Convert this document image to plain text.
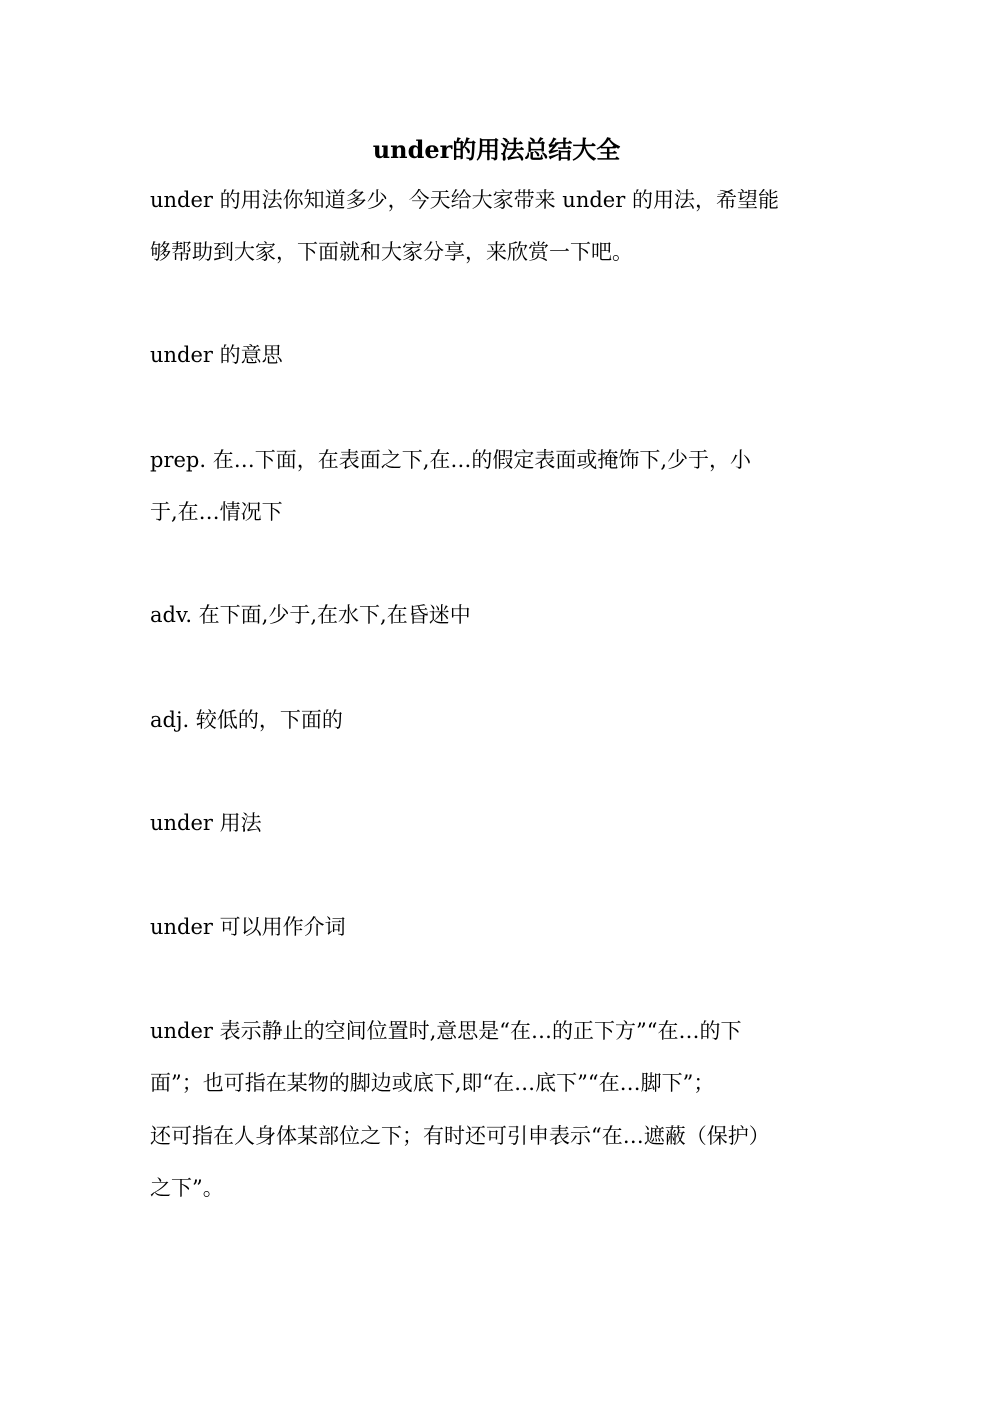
under的用法总结大全
under 的用法你知道多少，今天给大家带来 under 的用法，希望能
够帮助到大家，下面就和大家分享，来欣赏一下吧。
under 的意思
prep. 在…下面，在表面之下,在…的假定表面或掩饰下,少于，小
于,在…情况下
adv. 在下面,少于,在水下,在昏迷中
adj. 较低的，下面的
under 用法
under 可以用作介词
under 表示静止的空间位置时,意思是“在…的正下方”“在…的下
面”；也可指在某物的脚边或底下,即“在…底下”“在…脚下”；
还可指在人身体某部位之下；有时还可引申表示“在…遮蔽（保护）
之下”。
